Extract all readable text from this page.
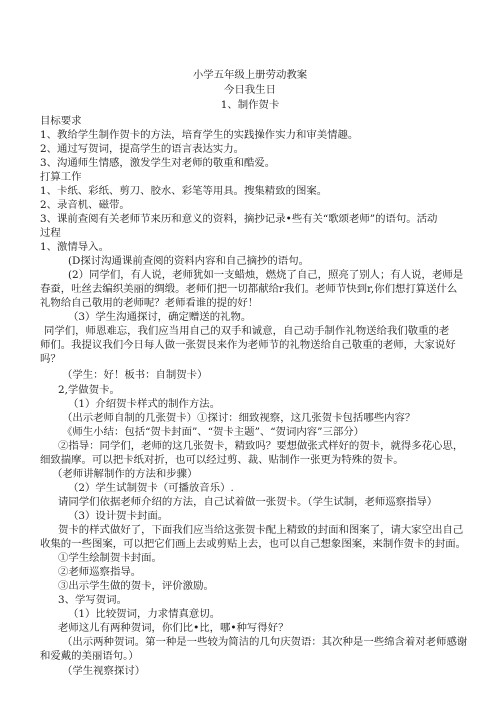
小学五年级上册劳动教案
今日我生日
1、制作贺卡
目标要求
1、教给学生制作贺卡的方法，培育学生的实践操作实力和审美情趣。
2、通过写贺词，提高学生的语言表达实力。
3、沟通师生情感，激发学生对老师的敬重和酷爱。
打算工作
1、卡纸、彩纸、剪刀、胶水、彩笔等用具。搜集精致的图案。
2、录音机、磁带。
3、课前查阅有关老师节来历和意义的资料，摘抄记录•些有关“歌颂老师”的语句。活动
过程
1、激情导入。
(D探讨沟通课前查阅的资料内容和自己摘抄的语句。
(2）同学们，有人说，老师犹如一支蜡烛，燃烧了自己，照亮了别人；有人说，老师是
春蚕，吐丝去编织美丽的绸缎。老师们把一切都献给r我们。老师节快到r,你们想打算送什么
礼物给自己敬用的老师呢？老师看谁的提的好！
（3）学生沟通探讨，确定赠送的礼物。
同学们，师恩难忘，我们应当用自己的双手和诚意，自己动手制作礼物送给我们敬重的老
师们。我提议我们今日每人做一张贺艮来作为老师节的礼物送给自己敬重的老师，大家说好
吗？
（学生：好！板书：自制贺卡）
2,学做贺卡。
（1）介绍贺卡样式的制作方法。
（出示老师自制的几张贺卡）①探讨：细致视察，这几张贺卡包括哪些内容？
《师生小结：包括“贺卡封面”、“贺卡主题”、“贺词内容”三部分）
②指导：同学们，老师的这几张贺卡，精致吗？要想做张式样好的贺卡，就得多花心思，
细致揣摩。可以把卡纸对折，也可以经过剪、裁、贴制作一张更为特殊的贺卡。
（老师讲解制作的方法和步骤）
（2）学生试制贺卡（可播放音乐）.
请同学们依据老师介绍的方法，自己试着做一张贺卡。（学生试制，老师巡察指导）
（3）设计贺卡封面。
贺卡的样式做好了，下面我们应当给这张贺卡配上精致的封面和图案了，请大家空出自己
收集的一些图案，可以把它们画上去或剪贴上去，也可以自己想象图案，来制作贺卡的封面。
①学生绘制贺卡封面。
②老师巡察指导。
③出示学生做的贺卡，评价激励。
3、学写贺词。
（1）比较贺词，力求情真意切。
老师这儿有两种贺词，你们比•比，哪•种写得好？
（出示两种贺词。第一种是一些较为简洁的几句庆贺语：其次种是一些绵含着对老师感谢
和爱戴的美丽语句。）
（学生视察探讨）
